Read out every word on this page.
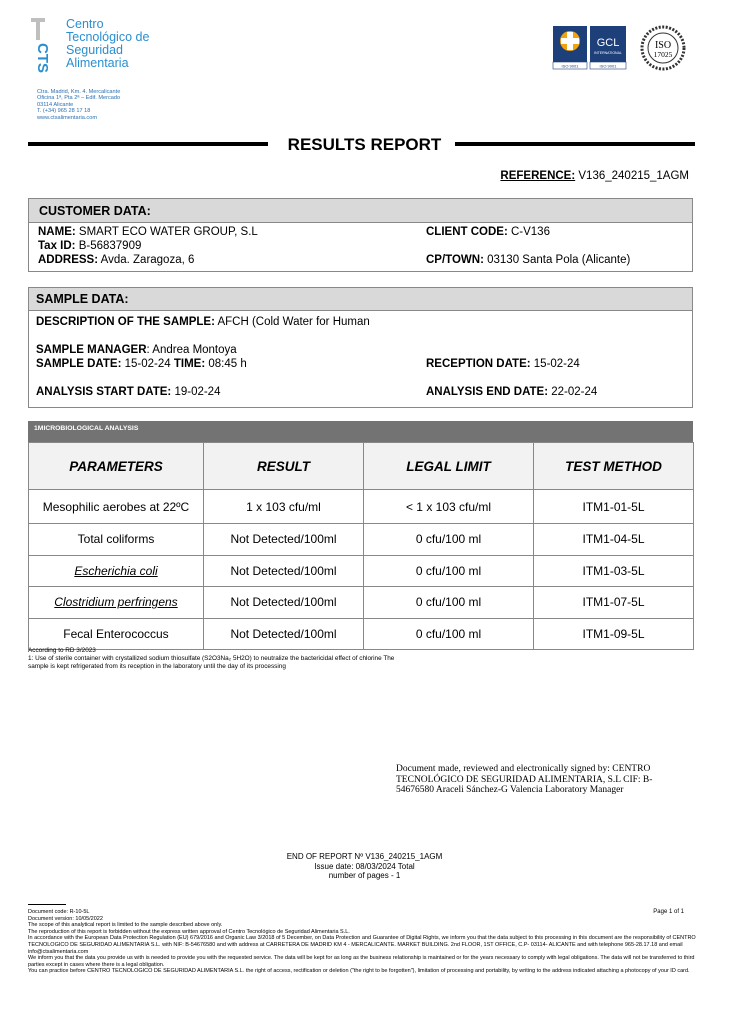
CTS
Centro
Tecnológico de
Seguridad
Alimentaria
Ctra. Madrid, Km. 4. Mercalicante
Oficina 1ª, Pta 2ª – Edif. Mercado
03114 Alicante
T. (+34) 965 28 17 18
www.ctsalimentaria.com
ISO 9001
GCL
INTERNATIONAL
ISO 9001
ISO
17025
RESULTS REPORT
REFERENCE: V136_240215_1AGM
CUSTOMER DATA:
NAME: SMART ECO WATER GROUP, S.L
Tax ID: B-56837909
ADDRESS: Avda. Zaragoza, 6
CLIENT CODE: C-V136
CP/TOWN: 03130 Santa Pola (Alicante)
SAMPLE DATA:
DESCRIPTION OF THE SAMPLE: AFCH (Cold Water for Human
SAMPLE MANAGER: Andrea Montoya
SAMPLE DATE: 15-02-24 TIME: 08:45 h	RECEPTION DATE: 15-02-24
ANALYSIS START DATE: 19-02-24	ANALYSIS END DATE: 22-02-24
1MICROBIOLOGICAL ANALYSIS
PARAMETERS	RESULT	LEGAL LIMIT	TEST METHOD
Mesophilic aerobes at 22ºC	1 x 103 cfu/ml	< 1 x 103 cfu/ml	ITM1-01-5L
Total coliforms	Not Detected/100ml	0 cfu/100 ml	ITM1-04-5L
Escherichia coli	Not Detected/100ml	0 cfu/100 ml	ITM1-03-5L
Clostridium perfringens	Not Detected/100ml	0 cfu/100 ml	ITM1-07-5L
Fecal Enterococcus	Not Detected/100ml	0 cfu/100 ml	ITM1-09-5L
According to RD 3/2023
1: Use of sterile container with crystallized sodium thiosulfate (S2O3Na₂ 5H2O) to neutralize the bactericidal effect of chlorine The
sample is kept refrigerated from its reception in the laboratory until the day of its processing
Document made, reviewed and electronically signed by: CENTRO TECNOLÓGICO DE SEGURIDAD ALIMENTARIA, S.L CIF: B-54676580 Araceli Sánchez-G Valencia Laboratory Manager
END OF REPORT Nº V136_240215_1AGM
Issue date: 08/03/2024 Total
number of pages - 1
Page 1 of 1
Document code: R-10-5L
Document version: 10/05/2022
The scope of this analytical report is limited to the sample described above only.
The reproduction of this report is forbidden without the express written approval of Centro Tecnológico de Seguridad Alimentaria S.L.
In accordance with the European Data Protection Regulation (EU) 679/2016 and Organic Law 3/2018 of 5 December, on Data Protection and Guarantee of Digital Rights, we inform you that the data subject to this processing in this document are the responsibility of CENTRO TECNOLOGICO DE SEGURIDAD ALIMENTARIA S.L. with NIF: B-54676580 and with address at CARRETERA DE MADRID KM 4 - MERCALICANTE. MARKET BUILDING. 2nd FLOOR, 1ST OFFICE, C.P- 03114- ALICANTE and with telephone 965-28.17.18 and email info@ctsalimentaria.com
We inform you that the data you provide us with is needed to provide you with the requested service. The data will be kept for as long as the business relationship is maintained or for the years necessary to comply with legal obligations. The data will not be transferred to third parties except in cases where there is a legal obligation.
You can practice before CENTRO TECNOLOGICO DE SEGURIDAD ALIMENTARIA S.L. the right of access, rectification or deletion ("the right to be forgotten"), limitation of processing and portability, by writing to the address indicated attaching a photocopy of your ID card.
